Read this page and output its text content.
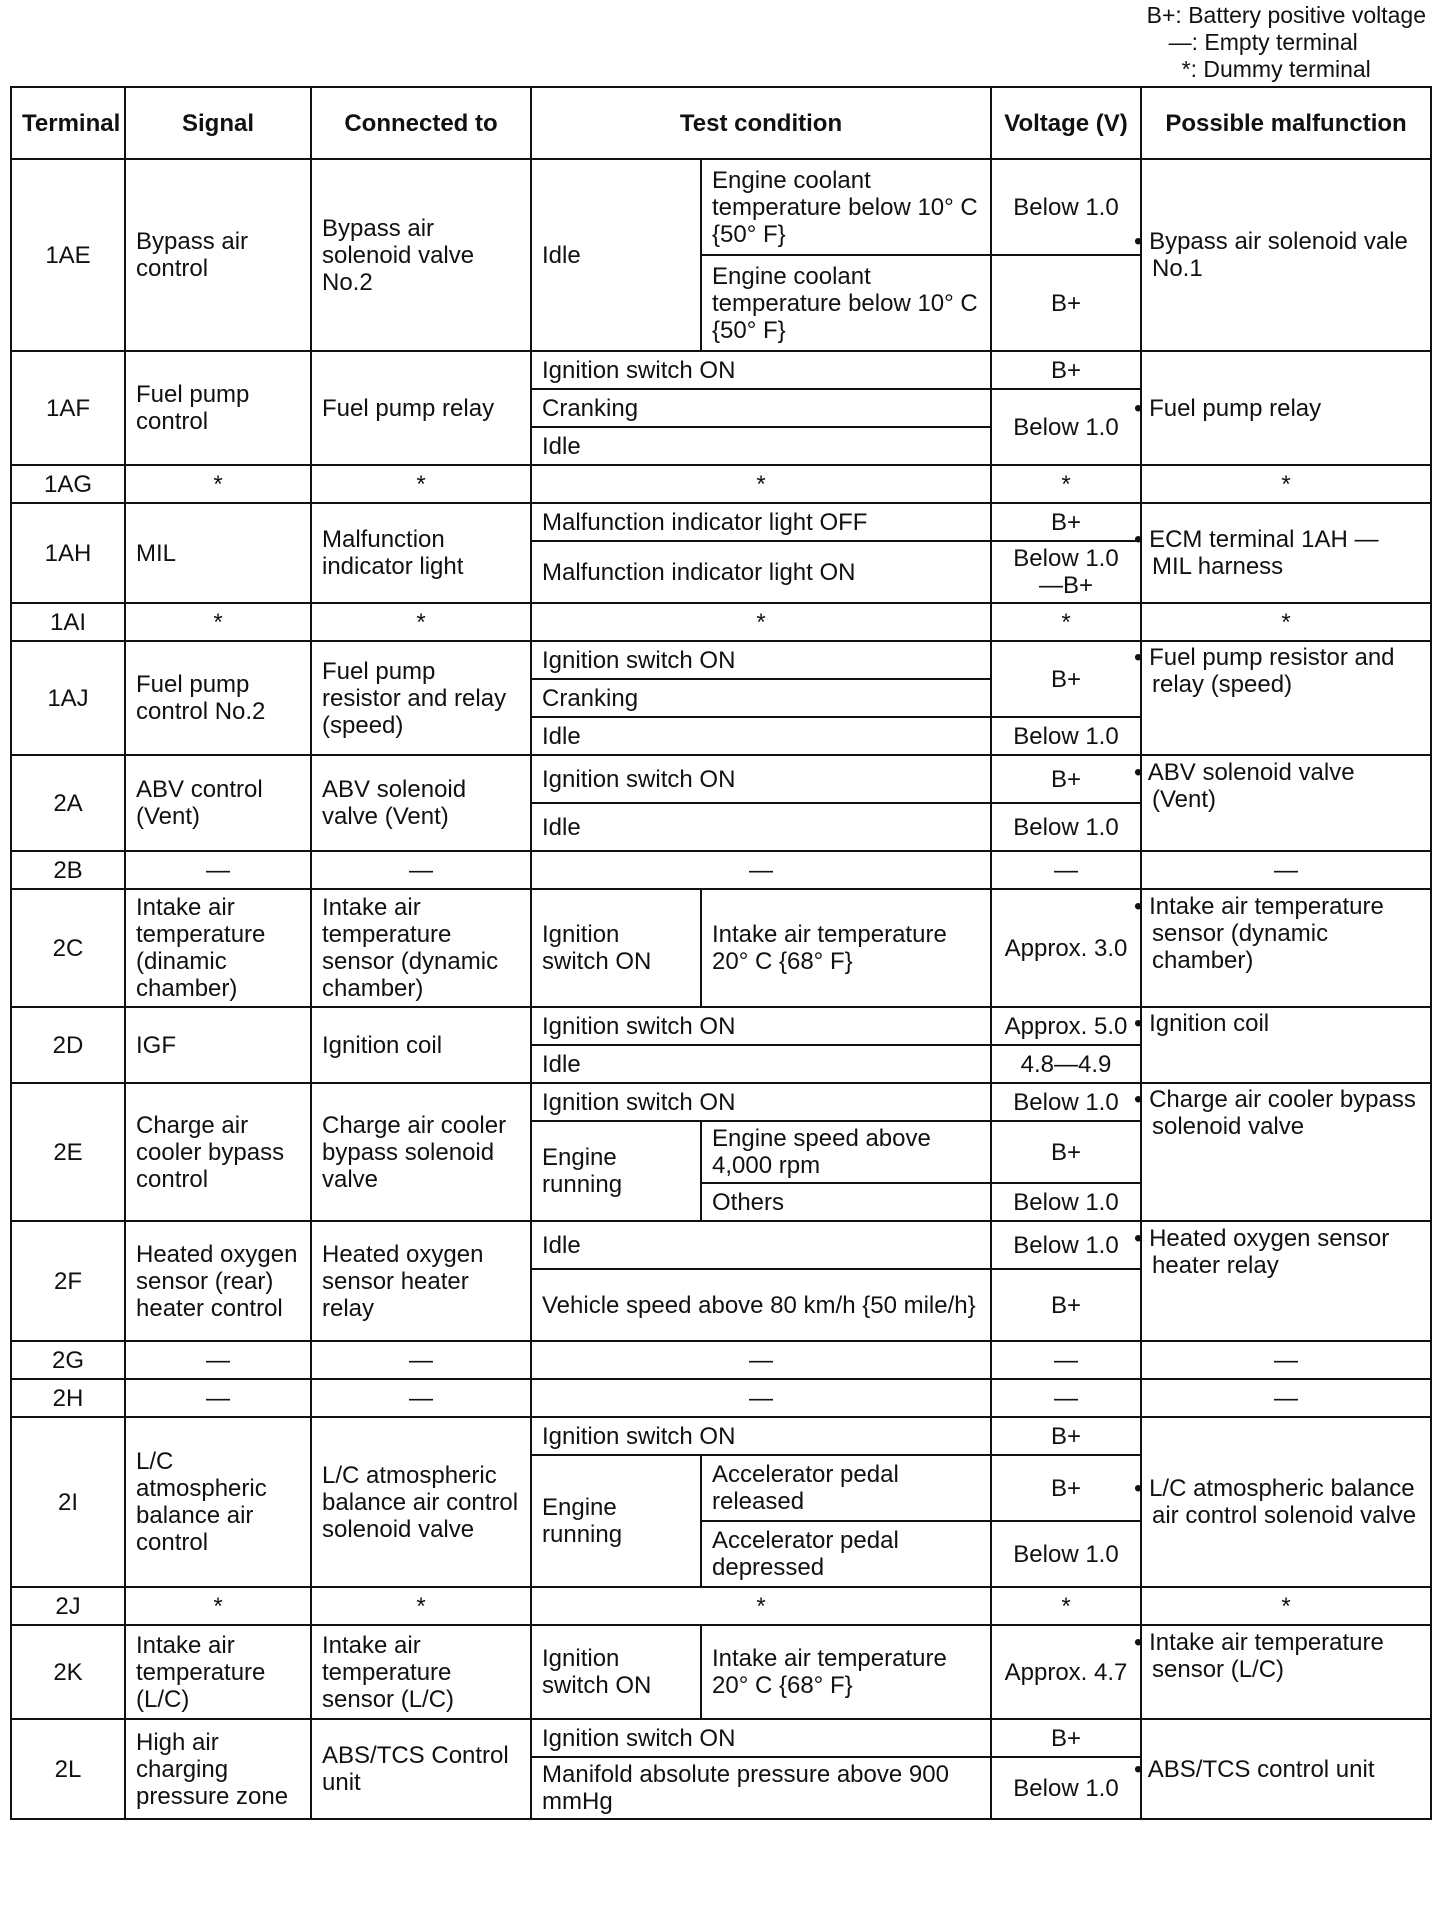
B+: Battery positive voltage
—: Empty terminal
*: Dummy terminal
Terminal	Signal	Connected to	Test condition		Voltage (V)	Possible malfunction
1AE	Bypass air control	Bypass air solenoid valve No.2	Idle	Engine coolant temperature below 10° C {50° F}	Below 1.0	• Bypass air solenoid vale No.1
				Engine coolant temperature below 10° C {50° F}	B+	
1AF	Fuel pump control	Fuel pump relay	Ignition switch ON		B+	• Fuel pump relay
			Cranking		Below 1.0	
			Idle			
1AG	*	*	*		*	*
1AH	MIL	Malfunction indicator light	Malfunction indicator light OFF		B+	• ECM terminal 1AH — MIL harness
			Malfunction indicator light ON		Below 1.0—B+	
1AI	*	*	*		*	*
1AJ	Fuel pump control No.2	Fuel pump resistor and relay (speed)	Ignition switch ON		B+	• Fuel pump resistor and relay (speed)
			Cranking			
			Idle		Below 1.0	
2A	ABV control (Vent)	ABV solenoid valve (Vent)	Ignition switch ON		B+	• ABV solenoid valve (Vent)
			Idle		Below 1.0	
2B	—	—	—		—	—
2C	Intake air temperature (dinamic chamber)	Intake air temperature sensor (dynamic chamber)	Ignition switch ON	Intake air temperature 20° C {68° F}	Approx. 3.0	• Intake air temperature sensor (dynamic chamber)
2D	IGF	Ignition coil	Ignition switch ON		Approx. 5.0	• Ignition coil
			Idle		4.8—4.9	
2E	Charge air cooler bypass control	Charge air cooler bypass solenoid valve	Ignition switch ON		Below 1.0	• Charge air cooler bypass solenoid valve
			Engine running	Engine speed above 4,000 rpm	B+	
				Others	Below 1.0	
2F	Heated oxygen sensor (rear) heater control	Heated oxygen sensor heater relay	Idle		Below 1.0	• Heated oxygen sensor heater relay
			Vehicle speed above 80 km/h {50 mile/h}		B+	
2G	—	—	—		—	—
2H	—	—	—		—	—
2I	L/C atmospheric balance air control	L/C atmospheric balance air control solenoid valve	Ignition switch ON		B+	• L/C atmospheric balance air control solenoid valve
			Engine running	Accelerator pedal released	B+	
				Accelerator pedal depressed	Below 1.0	
2J	*	*	*		*	*
2K	Intake air temperature (L/C)	Intake air temperature sensor (L/C)	Ignition switch ON	Intake air temperature 20° C {68° F}	Approx. 4.7	• Intake air temperature sensor (L/C)
2L	High air charging pressure zone	ABS/TCS Control unit	Ignition switch ON		B+	• ABS/TCS control unit
			Manifold absolute pressure above 900 mmHg		Below 1.0	
